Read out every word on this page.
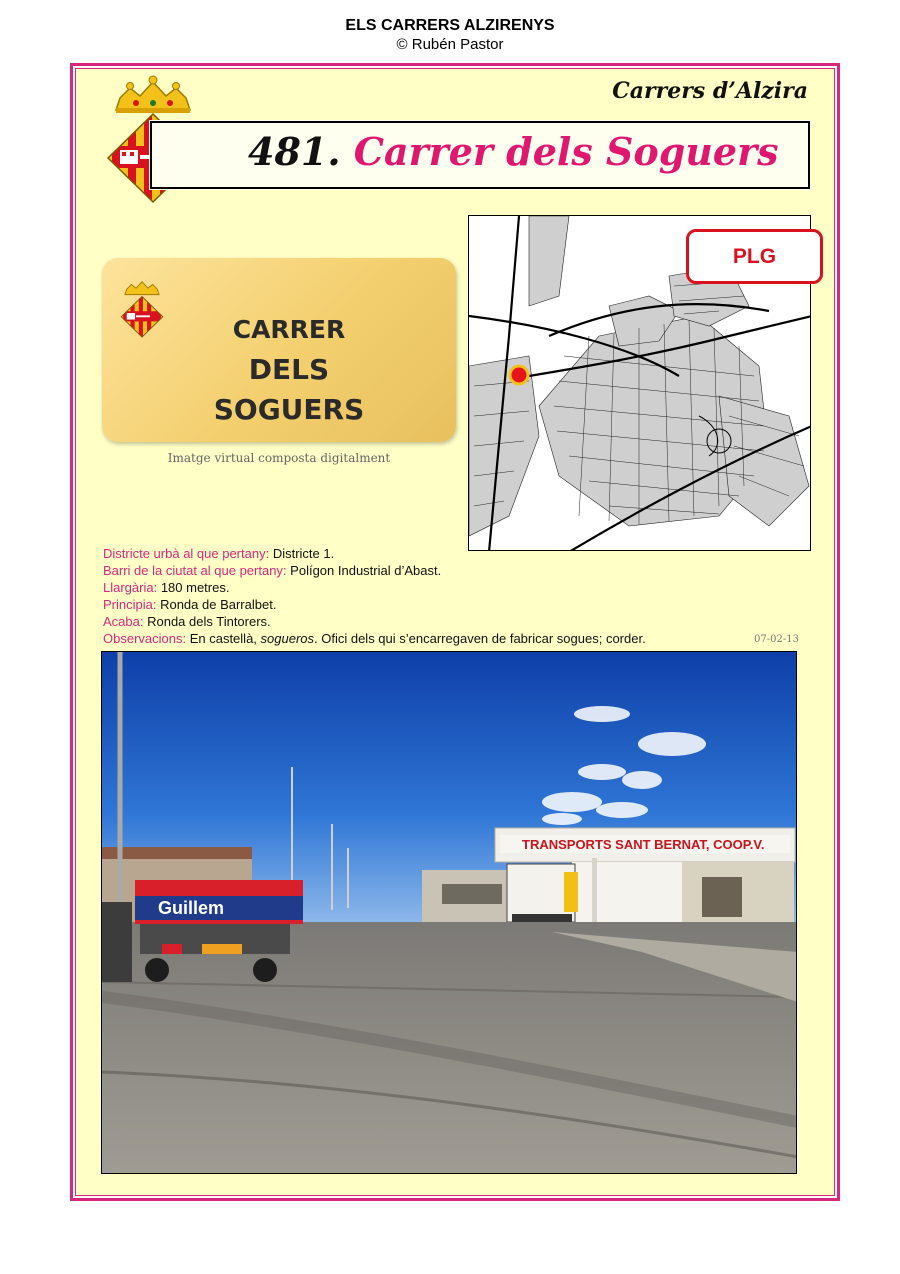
ELS CARRERS ALZIRENYS
© Rubén Pastor
Carrers d’Alzira
481. Carrer dels Soguers
CARRER
DELS
SOGUERS
Imatge virtual composta digitalment
PLG
Districte urbà al que pertany: Districte 1.
Barri de la ciutat al que pertany: Polígon Industrial d’Abast.
Llargària: 180 metres.
Principia: Ronda de Barralbet.
Acaba: Ronda dels Tintorers.
Observacions: En castellà, sogueros. Ofici dels qui s’encarregaven de fabricar sogues; corder.	07-02-13
TRANSPORTS SANT BERNAT, COOP.V.
Guillem
